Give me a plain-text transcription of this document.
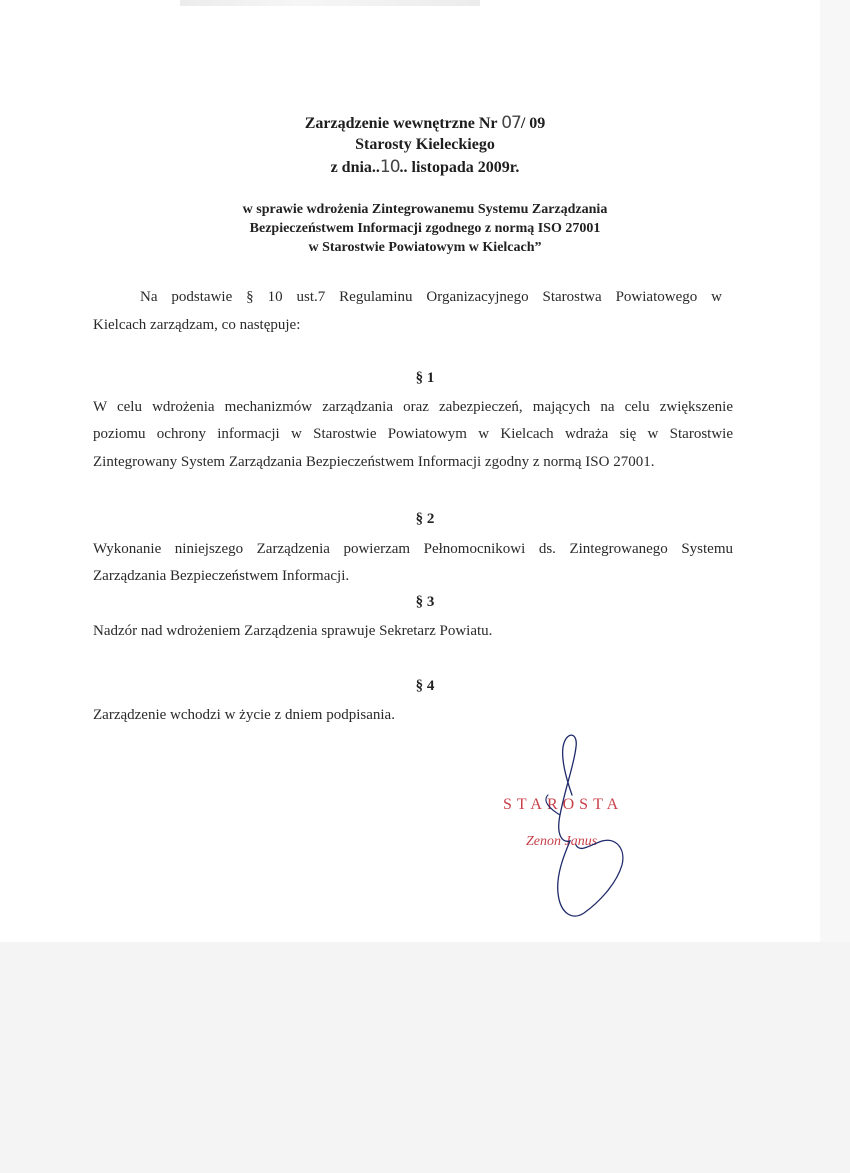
Zarządzenie wewnętrzne Nr 07/ 09
Starosty Kieleckiego
z dnia..10.. listopada 2009r.
w sprawie wdrożenia Zintegrowanemu Systemu Zarządzania
Bezpieczeństwem Informacji zgodnego z normą ISO 27001
w Starostwie Powiatowym w Kielcach”
Na podstawie § 10 ust.7 Regulaminu Organizacyjnego Starostwa Powiatowego w
Kielcach zarządzam, co następuje:
§ 1
W celu wdrożenia mechanizmów zarządzania oraz zabezpieczeń, mających na celu zwiększenie
poziomu ochrony informacji w Starostwie Powiatowym w Kielcach wdraża się w Starostwie
Zintegrowany System Zarządzania Bezpieczeństwem Informacji zgodny z normą ISO 27001.
§ 2
Wykonanie niniejszego Zarządzenia powierzam Pełnomocnikowi ds. Zintegrowanego Systemu
Zarządzania Bezpieczeństwem Informacji.
§ 3
Nadzór nad wdrożeniem Zarządzenia sprawuje Sekretarz Powiatu.
§ 4
Zarządzenie wchodzi w życie z dniem podpisania.
STAROSTA
Zenon Janus
